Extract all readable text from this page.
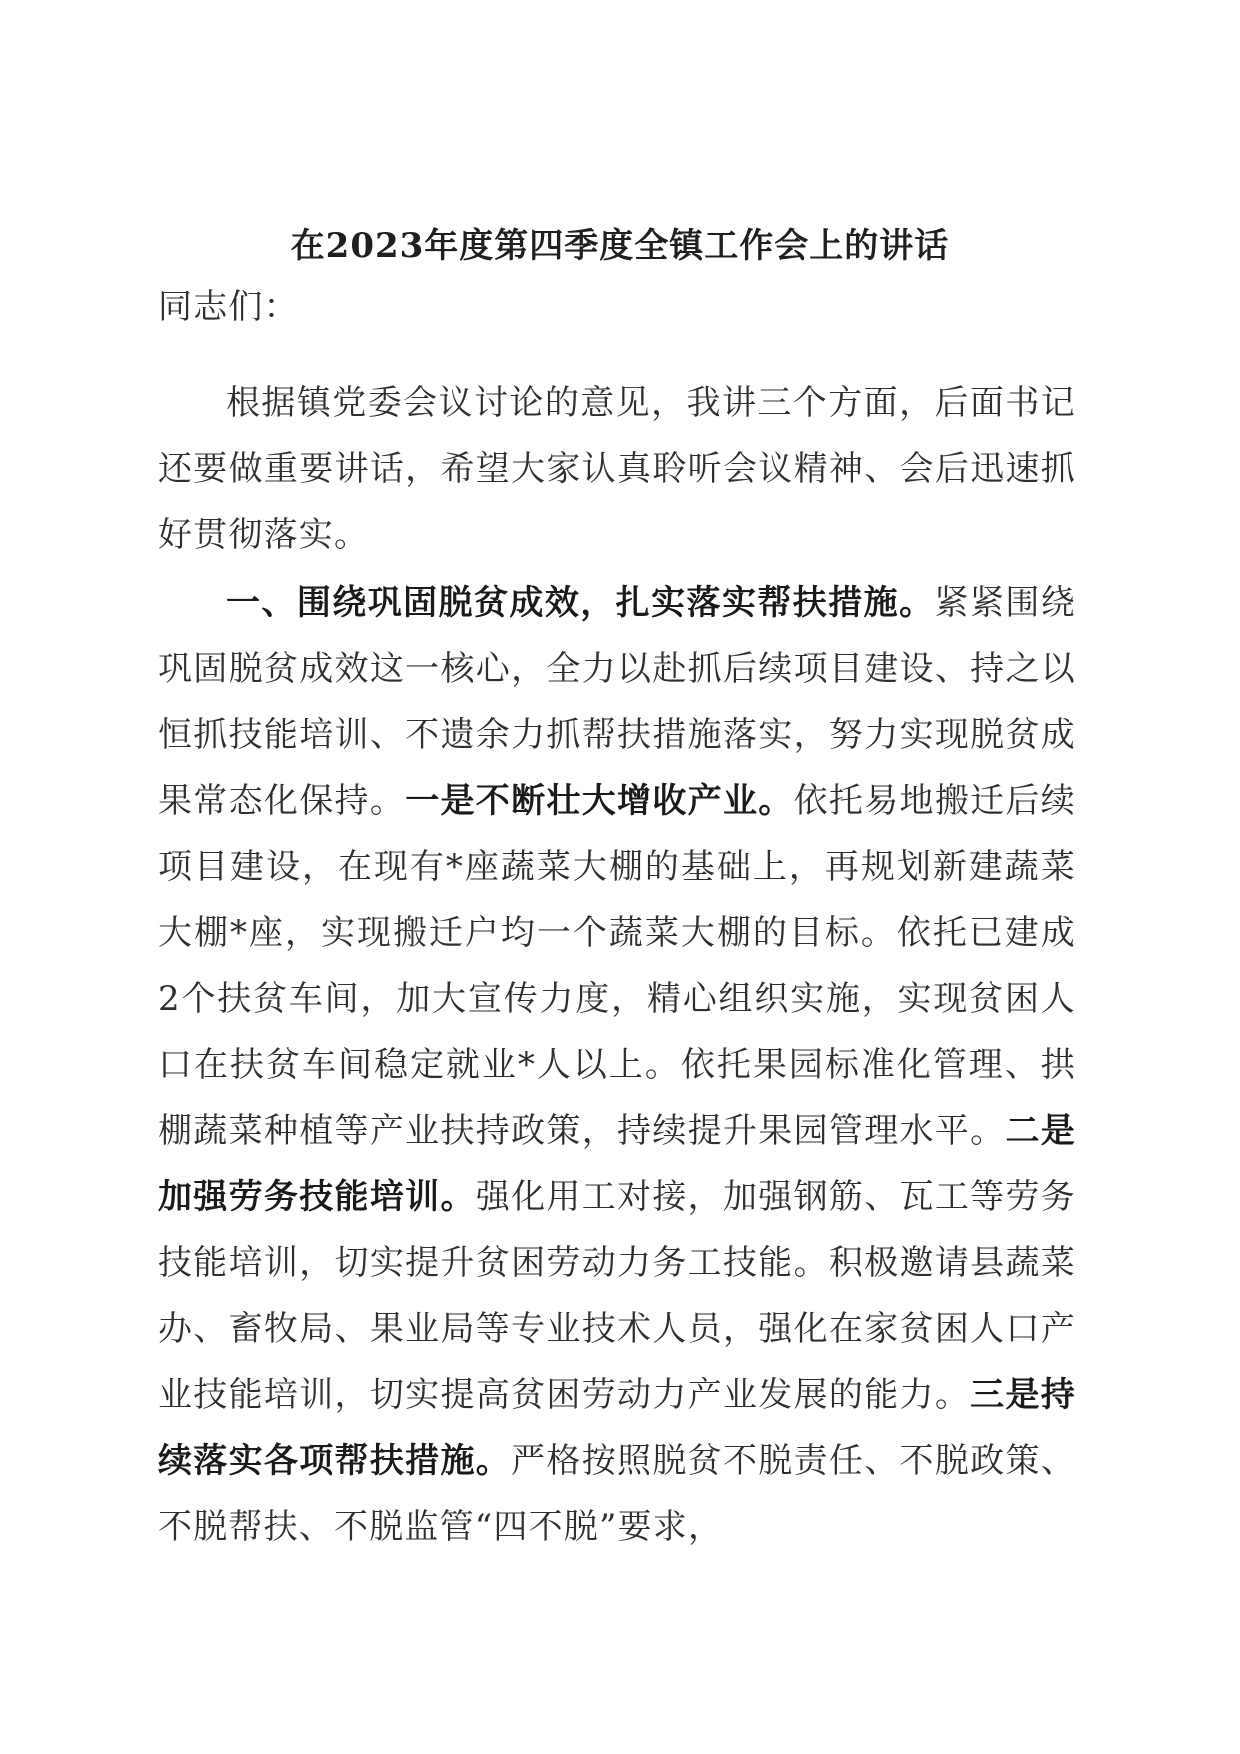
在2023年度第四季度全镇工作会上的讲话
同志们：
根据镇党委会议讨论的意见，我讲三个方面，后面书记还要做重要讲话，希望大家认真聆听会议精神、会后迅速抓好贯彻落实。
一、围绕巩固脱贫成效，扎实落实帮扶措施。紧紧围绕巩固脱贫成效这一核心，全力以赴抓后续项目建设、持之以恒抓技能培训、不遗余力抓帮扶措施落实，努力实现脱贫成果常态化保持。一是不断壮大增收产业。依托易地搬迁后续项目建设，在现有*座蔬菜大棚的基础上，再规划新建蔬菜大棚*座，实现搬迁户均一个蔬菜大棚的目标。依托已建成2个扶贫车间，加大宣传力度，精心组织实施，实现贫困人口在扶贫车间稳定就业*人以上。依托果园标准化管理、拱棚蔬菜种植等产业扶持政策，持续提升果园管理水平。二是加强劳务技能培训。强化用工对接，加强钢筋、瓦工等劳务技能培训，切实提升贫困劳动力务工技能。积极邀请县蔬菜办、畜牧局、果业局等专业技术人员，强化在家贫困人口产业技能培训，切实提高贫困劳动力产业发展的能力。三是持续落实各项帮扶措施。严格按照脱贫不脱责任、不脱政策、不脱帮扶、不脱监管“四不脱”要求，
